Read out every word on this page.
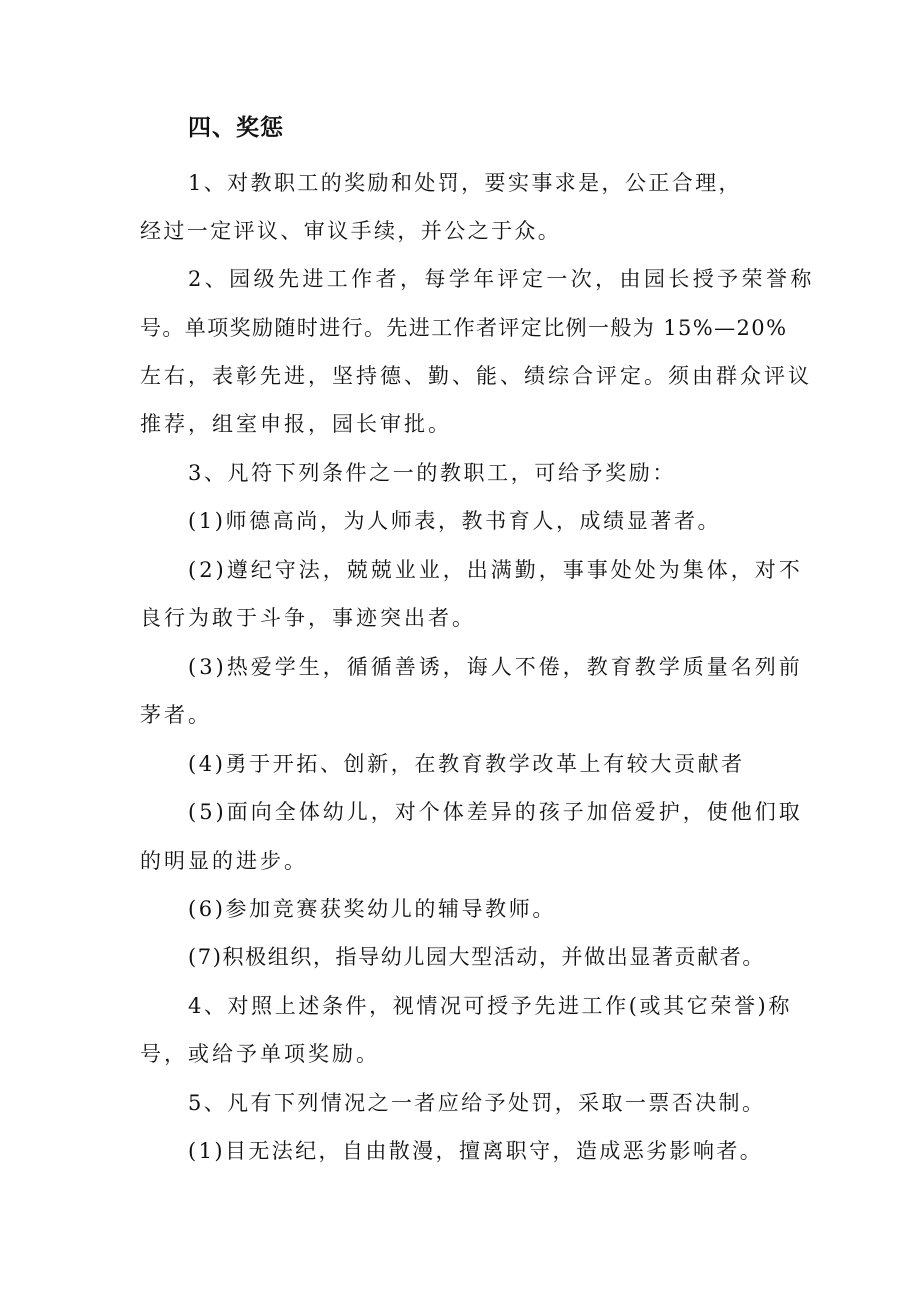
四、奖惩
1、对教职工的奖励和处罚，要实事求是，公正合理，
经过一定评议、审议手续，并公之于众。
2、园级先进工作者，每学年评定一次，由园长授予荣誉称
号。单项奖励随时进行。先进工作者评定比例一般为 15%—20%
左右，表彰先进，坚持德、勤、能、绩综合评定。须由群众评议
推荐，组室申报，园长审批。
3、凡符下列条件之一的教职工，可给予奖励：
(1)师德高尚，为人师表，教书育人，成绩显著者。
(2)遵纪守法，兢兢业业，出满勤，事事处处为集体，对不
良行为敢于斗争，事迹突出者。
(3)热爱学生，循循善诱，诲人不倦，教育教学质量名列前
茅者。
(4)勇于开拓、创新，在教育教学改革上有较大贡献者
(5)面向全体幼儿，对个体差异的孩子加倍爱护，使他们取
的明显的进步。
(6)参加竞赛获奖幼儿的辅导教师。
(7)积极组织，指导幼儿园大型活动，并做出显著贡献者。
4、对照上述条件，视情况可授予先进工作(或其它荣誉)称
号，或给予单项奖励。
5、凡有下列情况之一者应给予处罚，采取一票否决制。
(1)目无法纪，自由散漫，擅离职守，造成恶劣影响者。
